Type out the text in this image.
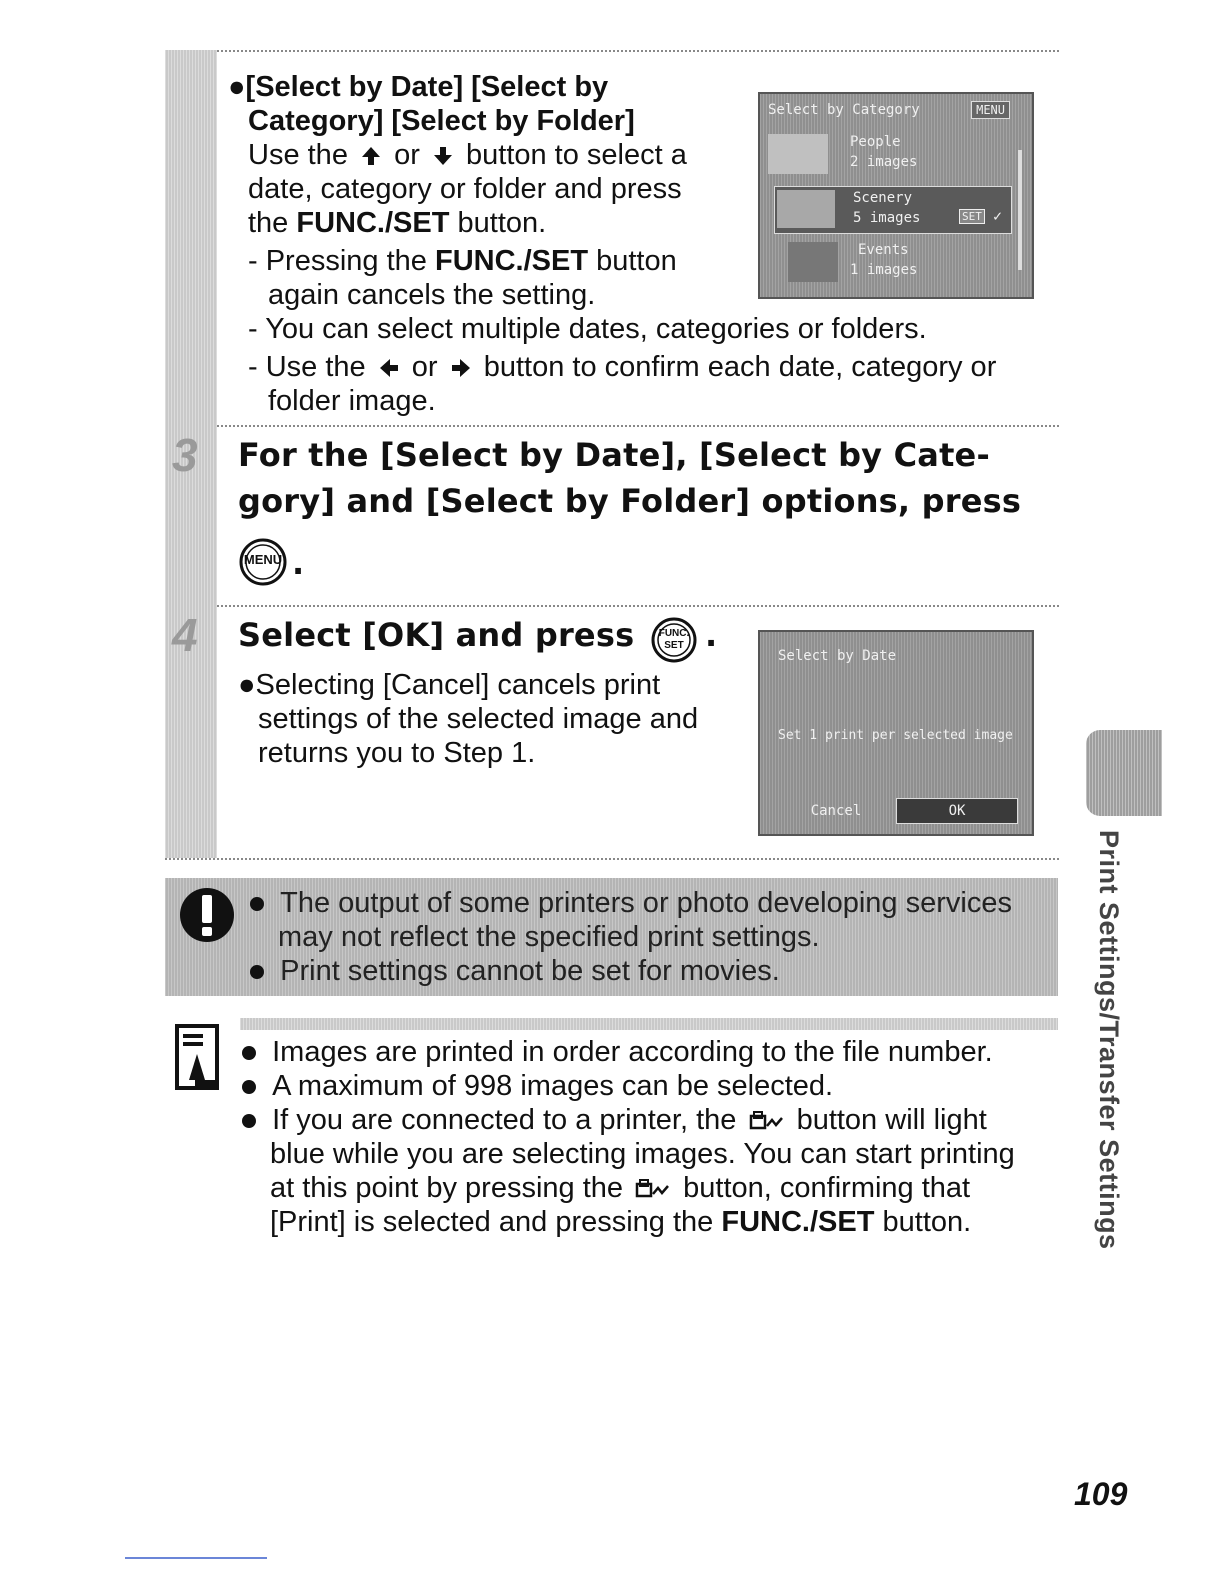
●[Select by Date] [Select by
Category] [Select by Folder]
Use the or button to select a
date, category or folder and press
the FUNC./SET button.
- Pressing the FUNC./SET button
again cancels the setting.
- You can select multiple dates, categories or folders.
- Use the or button to confirm each date, category or
folder image.
Select by Category	MENU
People
2 images
Scenery
5 images	SET ✓
Events
1 images
3 For the [Select by Date], [Select by Cate-
gory] and [Select by Folder] options, press
MENU .
4 Select [OK] and press	FUNC.
SET .
●Selecting [Cancel] cancels print
settings of the selected image and
returns you to Step 1.
Select by Date
Set 1 print per selected image
Cancel	OK
The output of some printers or photo developing services
may not reflect the specified print settings.
Print settings cannot be set for movies.
Images are printed in order according to the file number.
A maximum of 998 images can be selected.
If you are connected to a printer, the button will light
blue while you are selecting images. You can start printing
at this point by pressing the button, confirming that
[Print] is selected and pressing the FUNC./SET button.	Print Settings/Transfer Settings
109
